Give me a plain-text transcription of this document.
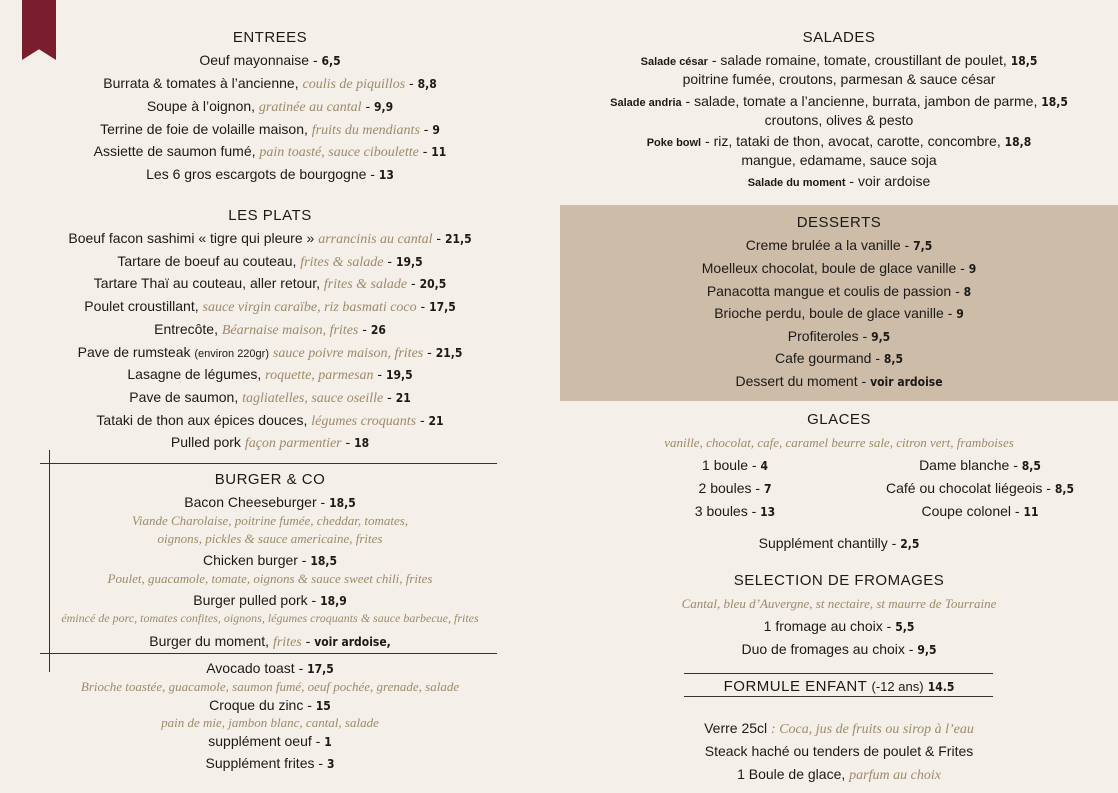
ENTREES
Oeuf mayonnaise - 6,5
Burrata & tomates à l’ancienne, coulis de piquillos - 8,8
Soupe à l’oignon, gratinée au cantal - 9,9
Terrine de foie de volaille maison, fruits du mendiants - 9
Assiette de saumon fumé, pain toasté, sauce ciboulette - 11
Les 6 gros escargots de bourgogne - 13
LES PLATS
Boeuf facon sashimi « tigre qui pleure » arrancinis au cantal - 21,5
Tartare de boeuf au couteau, frites & salade - 19,5
Tartare Thaï au couteau, aller retour, frites & salade - 20,5
Poulet croustillant, sauce virgin caraïbe, riz basmati coco - 17,5
Entrecôte, Béarnaise maison, frites - 26
Pave de rumsteak (environ 220gr) sauce poivre maison, frites - 21,5
Lasagne de légumes, roquette, parmesan - 19,5
Pave de saumon, tagliatelles, sauce oseille - 21
Tataki de thon aux épices douces, légumes croquants - 21
Pulled pork façon parmentier - 18
BURGER & CO
Bacon Cheeseburger - 18,5
Viande Charolaise, poitrine fumée, cheddar, tomates,
oignons, pickles & sauce americaine, frites
Chicken burger - 18,5
Poulet, guacamole, tomate, oignons & sauce sweet chili, frites
Burger pulled pork - 18,9
émincé de porc, tomates confites, oignons, légumes croquants & sauce barbecue, frites
Burger du moment, frites - voir ardoise,
Avocado toast - 17,5
Brioche toastée, guacamole, saumon fumé, oeuf pochée, grenade, salade
Croque du zinc - 15
pain de mie, jambon blanc, cantal, salade
supplément oeuf - 1
Supplément frites - 3
SALADES
Salade césar - salade romaine, tomate, croustillant de poulet, 18,5
poitrine fumée, croutons, parmesan & sauce césar
Salade andria - salade, tomate a l’ancienne, burrata, jambon de parme, 18,5
croutons, olives & pesto
Poke bowl - riz, tataki de thon, avocat, carotte, concombre, 18,8
mangue, edamame, sauce soja
Salade du moment - voir ardoise
DESSERTS
Creme brulée a la vanille - 7,5
Moelleux chocolat, boule de glace vanille - 9
Panacotta mangue et coulis de passion - 8
Brioche perdu, boule de glace vanille - 9
Profiteroles - 9,5
Cafe gourmand - 8,5
Dessert du moment - voir ardoise
GLACES
vanille, chocolat, cafe, caramel beurre sale, citron vert, framboises
1 boule - 4
2 boules - 7
3 boules - 13
Dame blanche - 8,5
Café ou chocolat liégeois - 8,5
Coupe colonel - 11
Supplément chantilly - 2,5
SELECTION DE FROMAGES
Cantal, bleu d’Auvergne, st nectaire, st maurre de Tourraine
1 fromage au choix - 5,5
Duo de fromages au choix - 9,5
FORMULE ENFANT (-12 ans) 14.5
Verre 25cl : Coca, jus de fruits ou sirop à l’eau
Steack haché ou tenders de poulet & Frites
1 Boule de glace, parfum au choix
